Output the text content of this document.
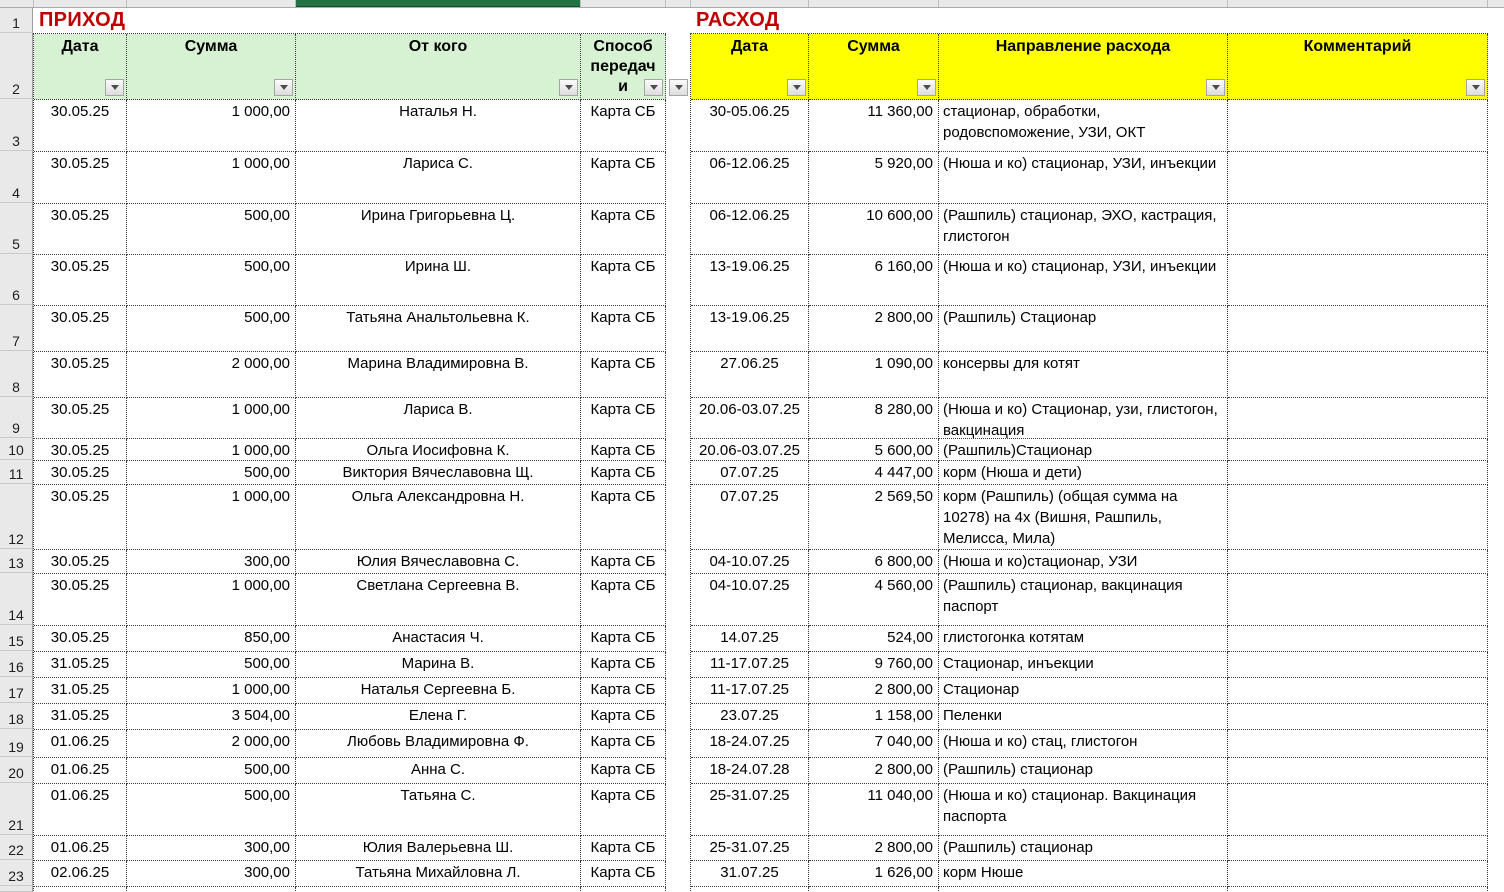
1
2
3
4
5
6
7
8
9
10
11
12
13
14
15
16
17
18
19
20
21
22
23
ПРИХОД
Дата	Сумма	От кого	Способ
передач
и
30.05.25	1 000,00	Наталья Н.	Карта СБ
30.05.25	1 000,00	Лариса С.	Карта СБ
30.05.25	500,00	Ирина Григорьевна Ц.	Карта СБ
30.05.25	500,00	Ирина Ш.	Карта СБ
30.05.25	500,00	Татьяна Анальтольевна К.	Карта СБ
30.05.25	2 000,00	Марина Владимировна В.	Карта СБ
30.05.25	1 000,00	Лариса В.	Карта СБ
30.05.25	1 000,00	Ольга Иосифовна К.	Карта СБ
30.05.25	500,00	Виктория Вячеславовна Щ.	Карта СБ
30.05.25	1 000,00	Ольга Александровна Н.	Карта СБ
30.05.25	300,00	Юлия Вячеславовна С.	Карта СБ
30.05.25	1 000,00	Светлана Сергеевна В.	Карта СБ
30.05.25	850,00	Анастасия Ч.	Карта СБ
31.05.25	500,00	Марина В.	Карта СБ
31.05.25	1 000,00	Наталья Сергеевна Б.	Карта СБ
31.05.25	3 504,00	Елена Г.	Карта СБ
01.06.25	2 000,00	Любовь Владимировна Ф.	Карта СБ
01.06.25	500,00	Анна С.	Карта СБ
01.06.25	500,00	Татьяна С.	Карта СБ
01.06.25	300,00	Юлия Валерьевна Ш.	Карта СБ
02.06.25	300,00	Татьяна Михайловна Л.	Карта СБ
РАСХОД
Дата	Сумма	Направление расхода	Комментарий
30-05.06.25	11 360,00 стационар, обработки, родовспоможение, УЗИ, ОКТ
06-12.06.25	5 920,00 (Нюша и ко) стационар, УЗИ, инъекции
06-12.06.25	10 600,00 (Рашпиль) стационар, ЭХО, кастрация, глистогон
13-19.06.25	6 160,00 (Нюша и ко) стационар, УЗИ, инъекции
13-19.06.25	2 800,00 (Рашпиль) Стационар
27.06.25	1 090,00 консервы для котят
20.06-03.07.25	8 280,00 (Нюша и ко) Стационар, узи, глистогон, вакцинация
20.06-03.07.25	5 600,00 (Рашпиль)Стационар
07.07.25	4 447,00 корм (Нюша и дети)
07.07.25	2 569,50 корм (Рашпиль) (общая сумма на 10278) на 4х (Вишня, Рашпиль, Мелисса, Мила)
04-10.07.25	6 800,00 (Нюша и ко)стационар, УЗИ
04-10.07.25	4 560,00 (Рашпиль) стационар, вакцинация паспорт
14.07.25	524,00 глистогонка котятам
11-17.07.25	9 760,00 Стационар, инъекции
11-17.07.25	2 800,00 Стационар
23.07.25	1 158,00 Пеленки
18-24.07.25	7 040,00 (Нюша и ко) стац, глистогон
18-24.07.28	2 800,00 (Рашпиль) стационар
25-31.07.25	11 040,00 (Нюша и ко) стационар. Вакцинация паспорта
25-31.07.25	2 800,00 (Рашпиль) стационар
31.07.25	1 626,00 корм Нюше
